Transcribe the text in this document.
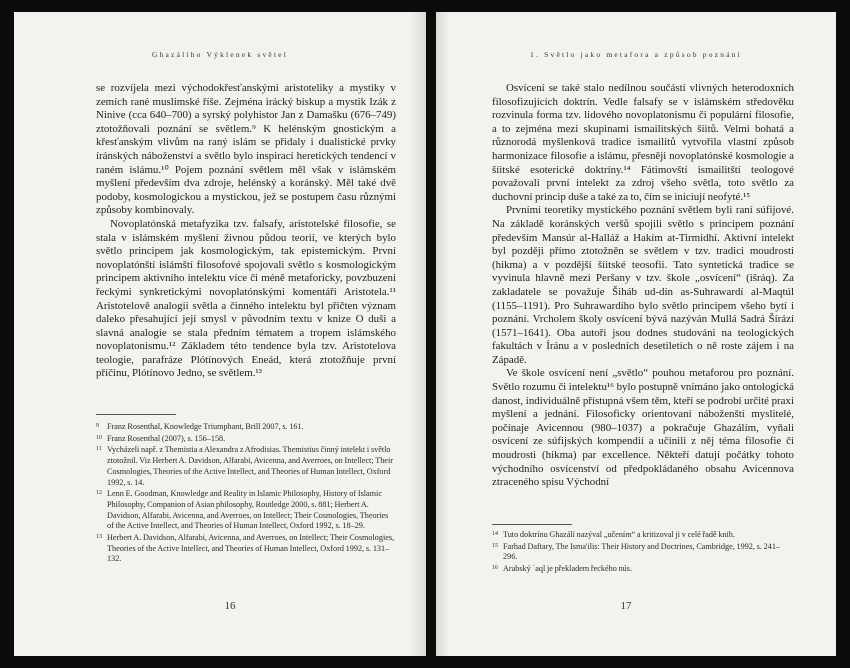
Ghazálího Výklenek světel

se rozvíjela mezi východokřesťanskými aristoteliky a mystiky v zemích rané muslimské říše. Zejména irácký biskup a mystik Izák z Ninive (cca 640–700) a syrský polyhistor Jan z Damašku (676–749) ztotožňovali poznání se světlem.⁹ K helénským gnostickým a křesťanským vlivům na raný islám se přidaly i dualistické prvky íránských náboženství a světlo bylo inspirací heretických tendencí v raném islámu.¹⁰ Pojem poznání světlem měl však v islámském myšlení především dva zdroje, helénský a koránský. Měl také dvě podoby, kosmologickou a mystickou, jež se postupem času různými způsoby kombinovaly.

Novoplatónská metafyzika tzv. falsafy, aristotelské filosofie, se stala v islámském myšlení živnou půdou teorií, ve kterých bylo světlo principem jak kosmologickým, tak epistemickým. První novoplatónští islámští filosofové spojovali světlo s kosmologickým principem aktivního intelektu více či méně metaforicky, povzbuzeni řeckými synkretickými novoplatónskými komentáři Aristotela.¹¹ Aristotelově analogii světla a činného intelektu byl přičten význam daleko přesahující její smysl v původním textu v knize O duši a slavná analogie se stala předním tématem a tropem islámského novoplatonismu.¹² Základem této tendence byla tzv. Aristotelova teologie, parafráze Plótínových Eneád, která ztotožňuje první příčinu, Plótínovo Jedno, se světlem.¹³

9 Franz Rosenthal, Knowledge Triumphant, Brill 2007, s. 161.
10 Franz Rosenthal (2007), s. 156–158.
11 Vycházeli např. z Themistia a Alexandra z Afrodisias. Themistius činný intelekt i světlo ztotožnil. Viz Herbert A. Davidson, Alfarabi, Avicenna, and Averroes, on Intellect; Their Cosmologies, Theories of the Active Intellect, and Theories of Human Intellect, Oxford 1992, s. 14.
12 Lenn E. Goodman, Knowledge and Reality in Islamic Philosophy, History of Islamic Philosophy, Companion of Asian philosophy, Routledge 2000, s. 881; Herbert A. Davidson, Alfarabi, Avicenna, and Averroes, on Intellect; Their Cosmologies, Theories of the Active Intellect, and Theories of Human Intellect, Oxford 1992, s. 18–29.
13 Herbert A. Davidson, Alfarabi, Avicenna, and Averroes, on Intellect; Their Cosmologies, Theories of the Active Intellect, and Theories of Human Intellect, Oxford 1992, s. 131–132.
16
1. Světlo jako metafora a způsob poznání

Osvícení se také stalo nedílnou součástí vlivných heterodoxních filosofizujících doktrín. Vedle falsafy se v islámském středověku rozvinula forma tzv. lidového novoplatonismu či populární filosofie, a to zejména mezi skupinami ismailitských šíitů. Velmi bohatá a různorodá myšlenková tradice ismailitů vytvořila vlastní způsob harmonizace filosofie a islámu, přesněji novoplatónské kosmologie a šíitské esoterické doktríny.¹⁴ Fátimovští ismailitští teologové považovali první intelekt za zdroj všeho světla, toto světlo za duchovní princip duše a také za to, čím se iniciují neofyté.¹⁵

Prvními teoretiky mystického poznání světlem byli raní súfijové. Na základě koránských veršů spojili světlo s principem poznání především Mansúr al-Halláž a Hakím at-Tirmidhí. Aktivní intelekt byl později přímo ztotožněn se světlem v tzv. tradici moudrosti (hikma) a v pozdější šíitské teosofii. Tato syntetická tradice se vyvinula hlavně mezi Peršany v tzv. škole „osvícení“ (išráq). Za zakladatele se považuje Šiháb ud-dín as-Suhrawardí al-Maqtúl (1155–1191). Pro Suhrawardího bylo světlo principem všeho bytí i poznání. Vrcholem školy osvícení bývá nazýván Mullá Sadrá Šírází (1571–1641). Oba autoři jsou dodnes studováni na teologických fakultách v Íránu a v posledních desetiletích o ně roste zájem i na Západě.

Ve škole osvícení není „světlo“ pouhou metaforou pro poznání. Světlo rozumu či intelektu¹⁶ bylo postupně vnímáno jako ontologická danost, individuálně přístupná všem těm, kteří se podrobí určité praxi myšlení a jednání. Filosoficky orientovaní náboženští myslitelé, počínaje Avicennou (980–1037) a pokračuje Ghazálím, vyňali osvícení ze súfijských kompendií a učinili z něj téma filosofie či moudrosti (hikma) par excellence. Někteří datují počátky tohoto východního osvícenství od předpokládaného obsahu Avicennova ztraceného spisu Východní

14 Tuto doktrínu Ghazálí nazýval „učením“ a kritizoval ji v celé řadě knih.
15 Farhad Daftary, The Isma'ilis: Their History and Doctrines, Cambridge, 1992, s. 241–296.
16 Arabský ʿaql je překladem řeckého nús.
17
